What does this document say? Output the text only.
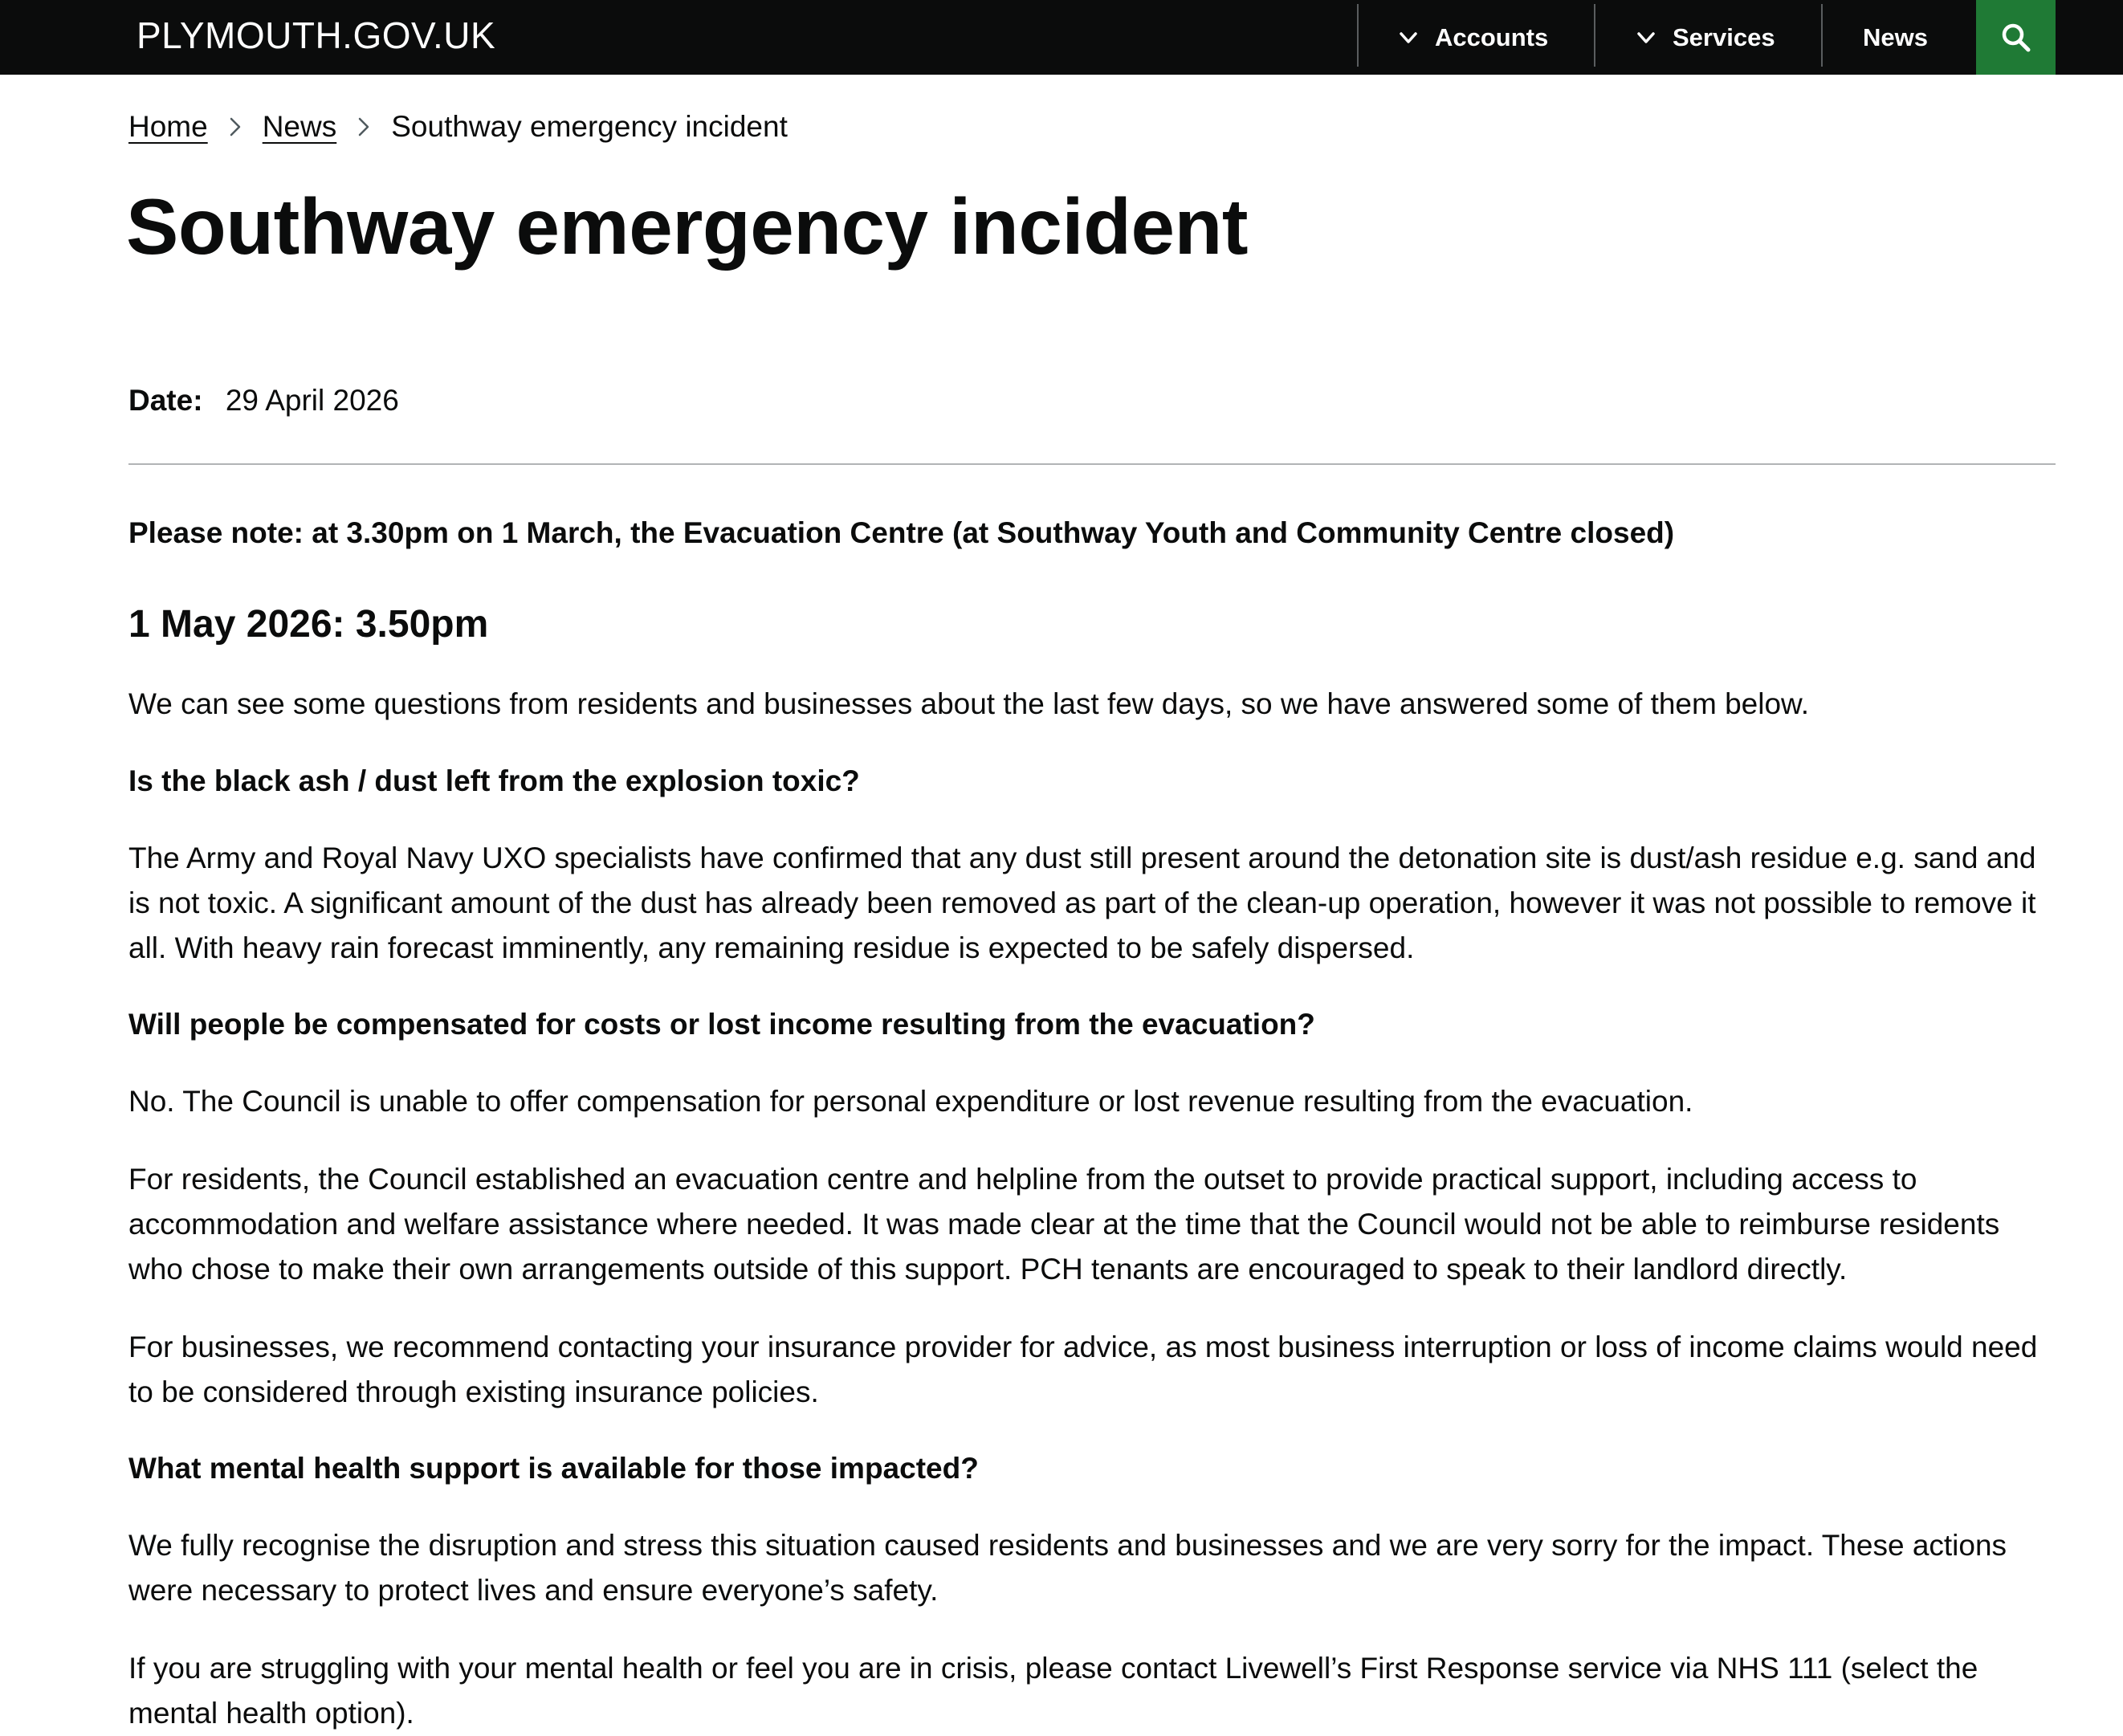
PLYMOUTH.GOV.UK	Accounts	Services	News
Home News Southway emergency incident
Southway emergency incident
Date: 29 April 2026

Please note: at 3.30pm on 1 March, the Evacuation Centre (at Southway Youth and Community Centre closed)

1 May 2026: 3.50pm

We can see some questions from residents and businesses about the last few days, so we have answered some of them below.

Is the black ash / dust left from the explosion toxic?

The Army and Royal Navy UXO specialists have confirmed that any dust still present around the detonation site is dust/ash residue e.g. sand and is not toxic. A significant amount of the dust has already been removed as part of the clean-up operation, however it was not possible to remove it all. With heavy rain forecast imminently, any remaining residue is expected to be safely dispersed.

Will people be compensated for costs or lost income resulting from the evacuation?

No. The Council is unable to offer compensation for personal expenditure or lost revenue resulting from the evacuation.

For residents, the Council established an evacuation centre and helpline from the outset to provide practical support, including access to accommodation and welfare assistance where needed. It was made clear at the time that the Council would not be able to reimburse residents who chose to make their own arrangements outside of this support. PCH tenants are encouraged to speak to their landlord directly.

For businesses, we recommend contacting your insurance provider for advice, as most business interruption or loss of income claims would need to be considered through existing insurance policies.

What mental health support is available for those impacted?

We fully recognise the disruption and stress this situation caused residents and businesses and we are very sorry for the impact. These actions were necessary to protect lives and ensure everyone’s safety.

If you are struggling with your mental health or feel you are in crisis, please contact Livewell’s First Response service via NHS 111 (select the mental health option).
